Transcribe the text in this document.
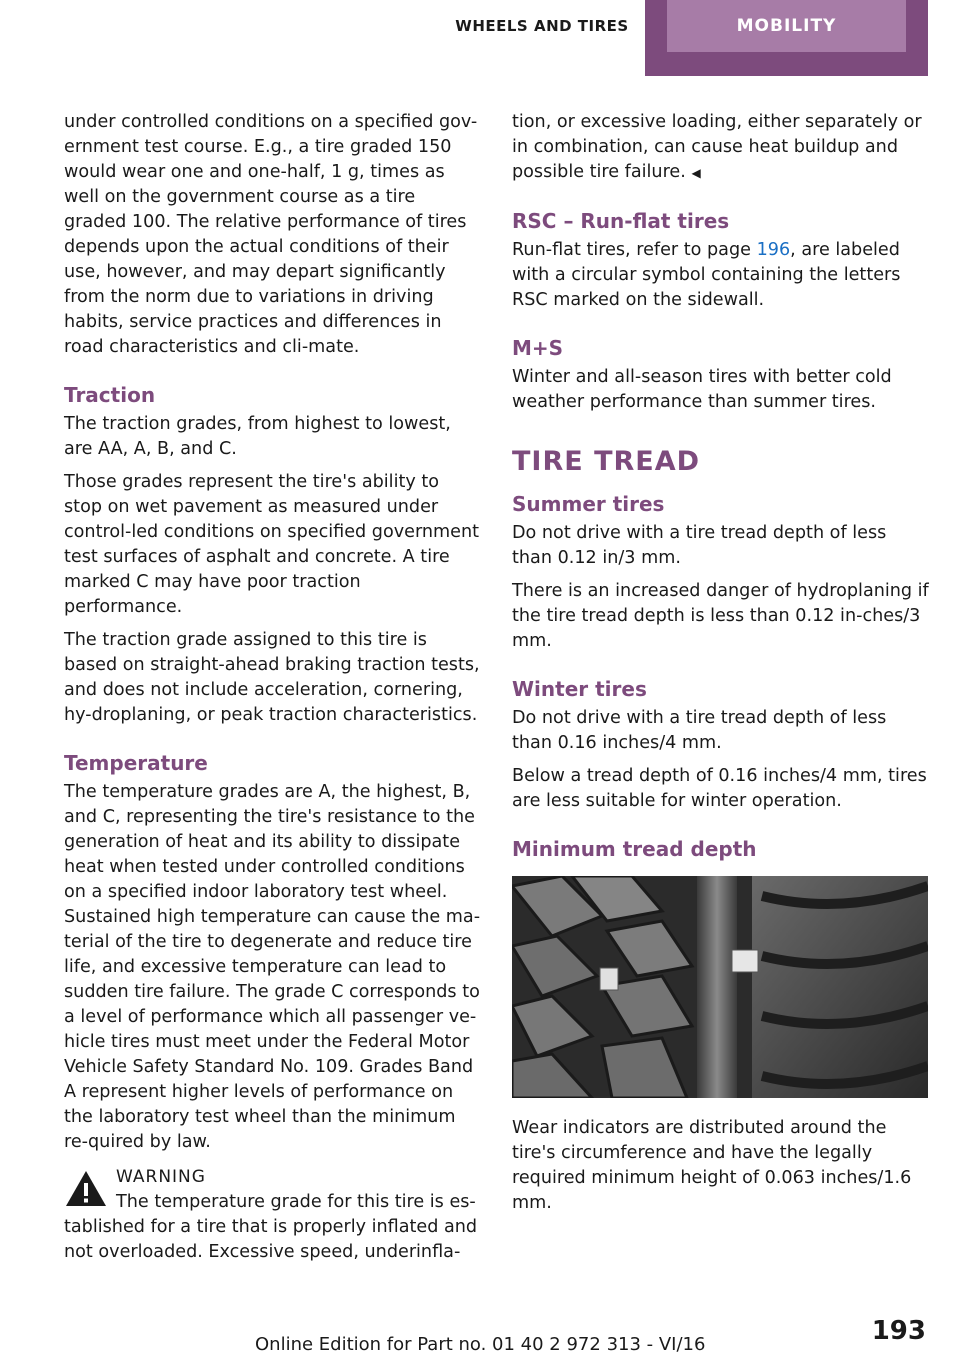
WHEELS AND TIRES	MOBILITY

under controlled conditions on a specified gov-ernment test course. E.g., a tire graded 150 would wear one and one-half, 1 g, times as well on the government course as a tire graded 100. The relative performance of tires depends upon the actual conditions of their use, however, and may depart significantly from the norm due to variations in driving habits, service practices and differences in road characteristics and cli-mate.

Traction

The traction grades, from highest to lowest, are AA, A, B, and C.

Those grades represent the tire's ability to stop on wet pavement as measured under control-led conditions on specified government test surfaces of asphalt and concrete. A tire marked C may have poor traction performance.

The traction grade assigned to this tire is based on straight-ahead braking traction tests, and does not include acceleration, cornering, hy-droplaning, or peak traction characteristics.

Temperature

The temperature grades are A, the highest, B, and C, representing the tire's resistance to the generation of heat and its ability to dissipate heat when tested under controlled conditions on a specified indoor laboratory test wheel. Sustained high temperature can cause the ma-terial of the tire to degenerate and reduce tire life, and excessive temperature can lead to sudden tire failure. The grade C corresponds to a level of performance which all passenger ve-hicle tires must meet under the Federal Motor Vehicle Safety Standard No. 109. Grades Band A represent higher levels of performance on the laboratory test wheel than the minimum re-quired by law.

WARNING
The temperature grade for this tire is es-
tablished for a tire that is properly inflated and not overloaded. Excessive speed, underinfla-

tion, or excessive loading, either separately or in combination, can cause heat buildup and possible tire failure. ◀

RSC – Run-flat tires

Run-flat tires, refer to page 196, are labeled with a circular symbol containing the letters RSC marked on the sidewall.

M+S

Winter and all-season tires with better cold weather performance than summer tires.

TIRE TREAD
Summer tires

Do not drive with a tire tread depth of less than 0.12 in/3 mm.

There is an increased danger of hydroplaning if the tire tread depth is less than 0.12 in-ches/3 mm.

Winter tires

Do not drive with a tire tread depth of less than 0.16 inches/4 mm.

Below a tread depth of 0.16 inches/4 mm, tires are less suitable for winter operation.

Minimum tread depth

Wear indicators are distributed around the tire's circumference and have the legally required minimum height of 0.063 inches/1.6 mm.

Online Edition for Part no. 01 40 2 972 313 - VI/16	193
